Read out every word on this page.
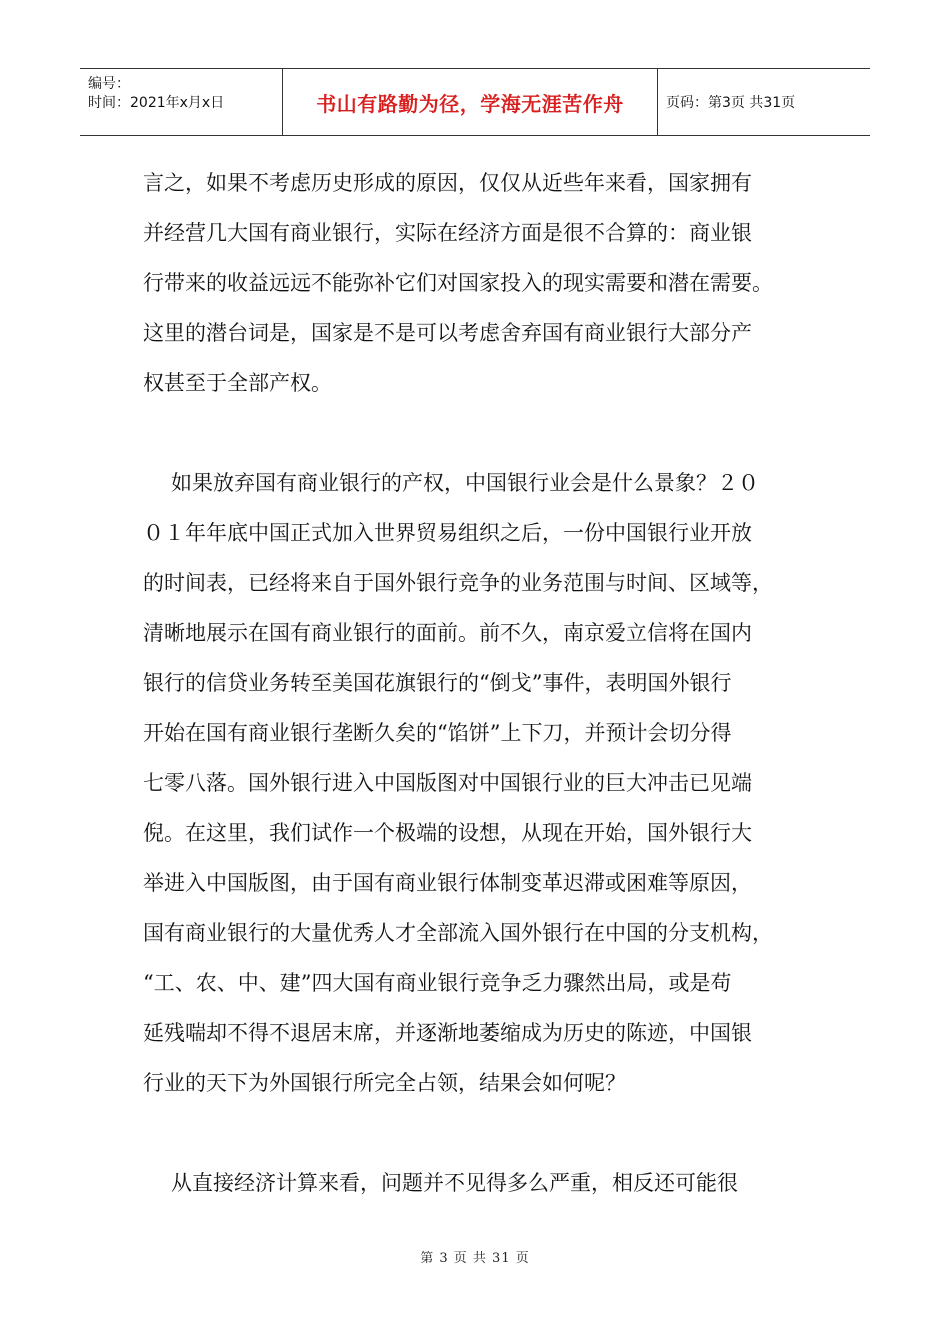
编号：
时间：2021年x月x日	书山有路勤为径，学海无涯苦作舟	页码：第3页 共31页
言之，如果不考虑历史形成的原因，仅仅从近些年来看，国家拥有
并经营几大国有商业银行，实际在经济方面是很不合算的：商业银
行带来的收益远远不能弥补它们对国家投入的现实需要和潜在需要。
这里的潜台词是，国家是不是可以考虑舍弃国有商业银行大部分产
权甚至于全部产权。
如果放弃国有商业银行的产权，中国银行业会是什么景象？２０
０１年年底中国正式加入世界贸易组织之后，一份中国银行业开放
的时间表，已经将来自于国外银行竞争的业务范围与时间、区域等，
清晰地展示在国有商业银行的面前。前不久，南京爱立信将在国内
银行的信贷业务转至美国花旗银行的“倒戈”事件，表明国外银行
开始在国有商业银行垄断久矣的“馅饼”上下刀，并预计会切分得
七零八落。国外银行进入中国版图对中国银行业的巨大冲击已见端
倪。在这里，我们试作一个极端的设想，从现在开始，国外银行大
举进入中国版图，由于国有商业银行体制变革迟滞或困难等原因，
国有商业银行的大量优秀人才全部流入国外银行在中国的分支机构，
“工、农、中、建”四大国有商业银行竞争乏力骤然出局，或是苟
延残喘却不得不退居末席，并逐渐地萎缩成为历史的陈迹，中国银
行业的天下为外国银行所完全占领，结果会如何呢？
从直接经济计算来看，问题并不见得多么严重，相反还可能很
第 3 页 共 31 页
